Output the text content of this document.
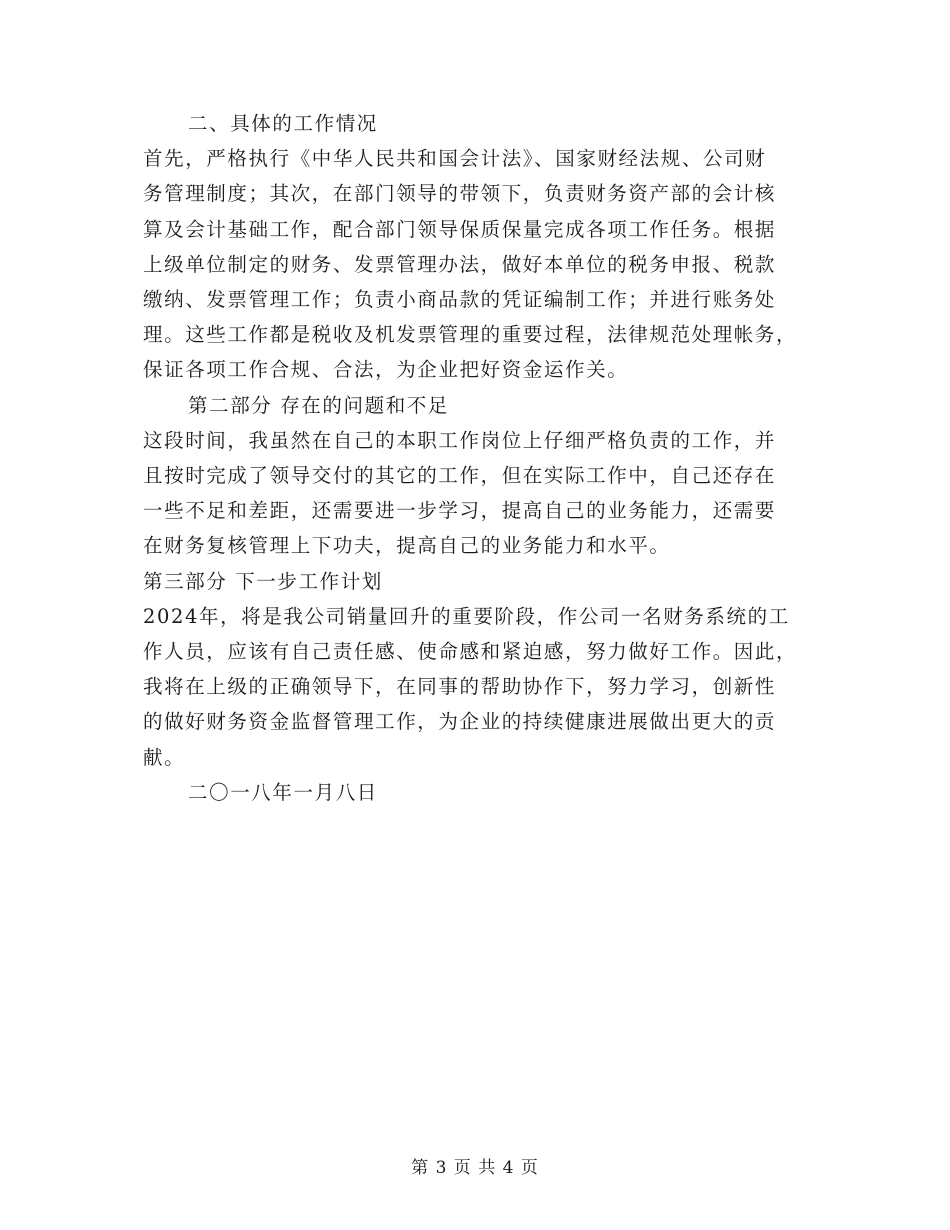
二、具体的工作情况
首先，严格执行《中华人民共和国会计法》、国家财经法规、公司财
务管理制度；其次，在部门领导的带领下，负责财务资产部的会计核
算及会计基础工作，配合部门领导保质保量完成各项工作任务。根据
上级单位制定的财务、发票管理办法，做好本单位的税务申报、税款
缴纳、发票管理工作；负责小商品款的凭证编制工作；并进行账务处
理。这些工作都是税收及机发票管理的重要过程，法律规范处理帐务，
保证各项工作合规、合法，为企业把好资金运作关。
第二部分 存在的问题和不足
这段时间，我虽然在自己的本职工作岗位上仔细严格负责的工作，并
且按时完成了领导交付的其它的工作，但在实际工作中，自己还存在
一些不足和差距，还需要进一步学习，提高自己的业务能力，还需要
在财务复核管理上下功夫，提高自己的业务能力和水平。
第三部分 下一步工作计划
2024年，将是我公司销量回升的重要阶段，作公司一名财务系统的工
作人员，应该有自己责任感、使命感和紧迫感，努力做好工作。因此，
我将在上级的正确领导下，在同事的帮助协作下，努力学习，创新性
的做好财务资金监督管理工作，为企业的持续健康进展做出更大的贡
献。
二〇一八年一月八日
第 3 页 共 4 页
